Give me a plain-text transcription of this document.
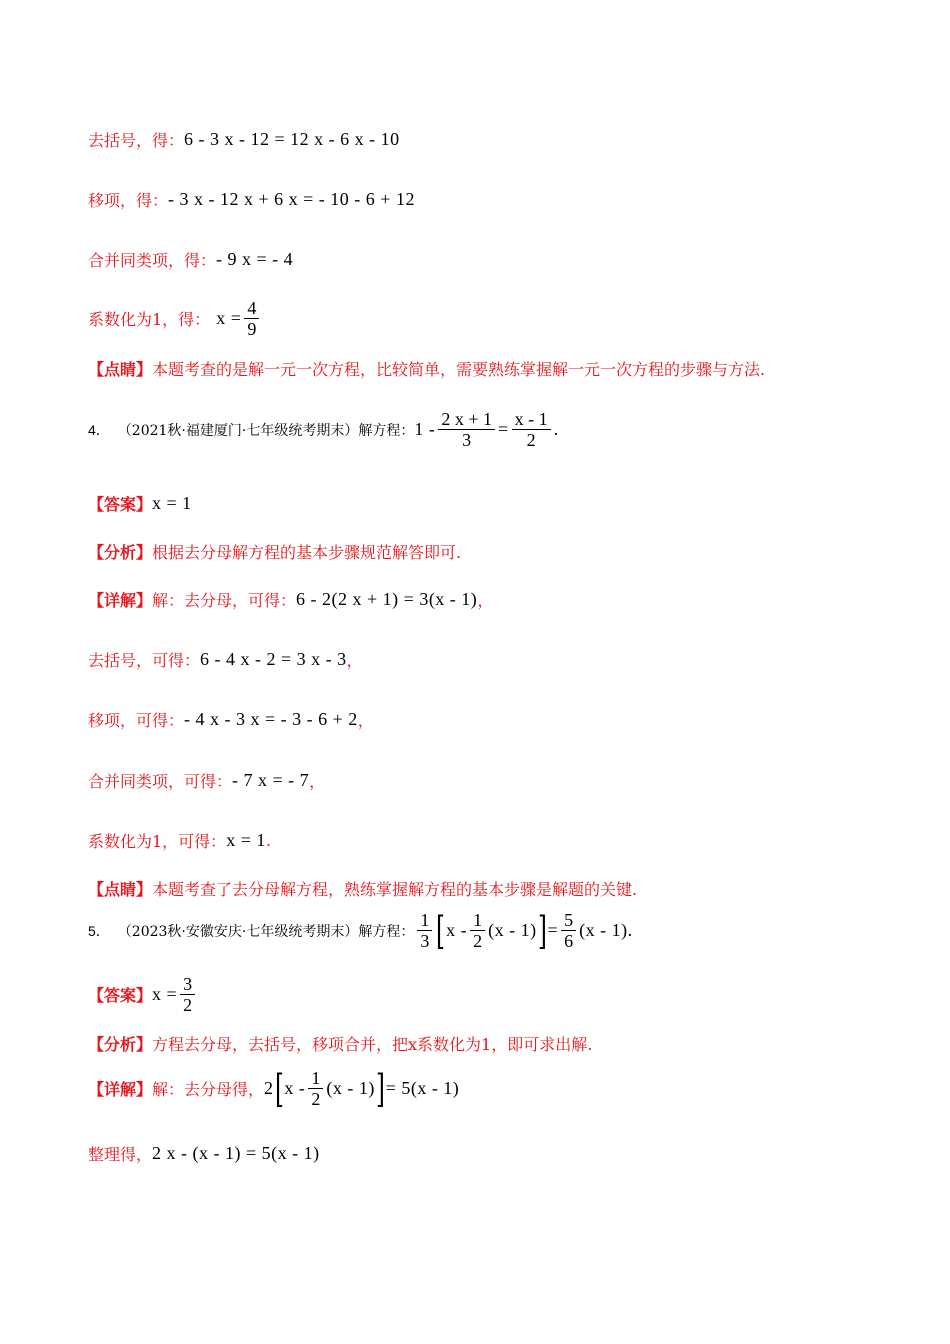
去括号，得： 6 - 3 x - 12 = 12 x - 6 x - 10
移项，得： - 3 x - 12 x + 6 x = - 10 - 6 + 12
合并同类项，得： - 9 x = - 4
系数化为1，得： $x = \frac{4}{9}$
【点睛】 本题考查的是解一元一次方程，比较简单，需要熟练掌握解一元一次方程的步骤与方法.
4． （2021秋·福建厦门·七年级统考期末）解方程： $1 - \frac{2 x + 1}{3} = \frac{x - 1}{2}$ .
【答案】 x = 1
【分析】 根据去分母解方程的基本步骤规范解答即可.
【详解】 解：去分母，可得： 6 - 2(2 x + 1) = 3(x - 1) ，
去括号，可得： 6 - 4 x - 2 = 3 x - 3 ，
移项，可得： - 4 x - 3 x = - 3 - 6 + 2 ，
合并同类项，可得： - 7 x = - 7 ，
系数化为1，可得： x = 1 .
【点睛】 本题考查了去分母解方程，熟练掌握解方程的基本步骤是解题的关键.
5． （2023秋·安徽安庆·七年级统考期末）解方程： $\frac{1}{3}$ [ x - $\frac{1}{2} (x - 1)$ ] = $\frac{5}{6} (x - 1)$.
【答案】 $x = \frac{3}{2}$
【分析】 方程去分母，去括号，移项合并，把x系数化为1，即可求出解.
【详解】 解：去分母得， 2 [ x - $\frac{1}{2} (x - 1)$ ] = 5(x - 1)
整理得， 2 x - (x - 1) = 5(x - 1)
